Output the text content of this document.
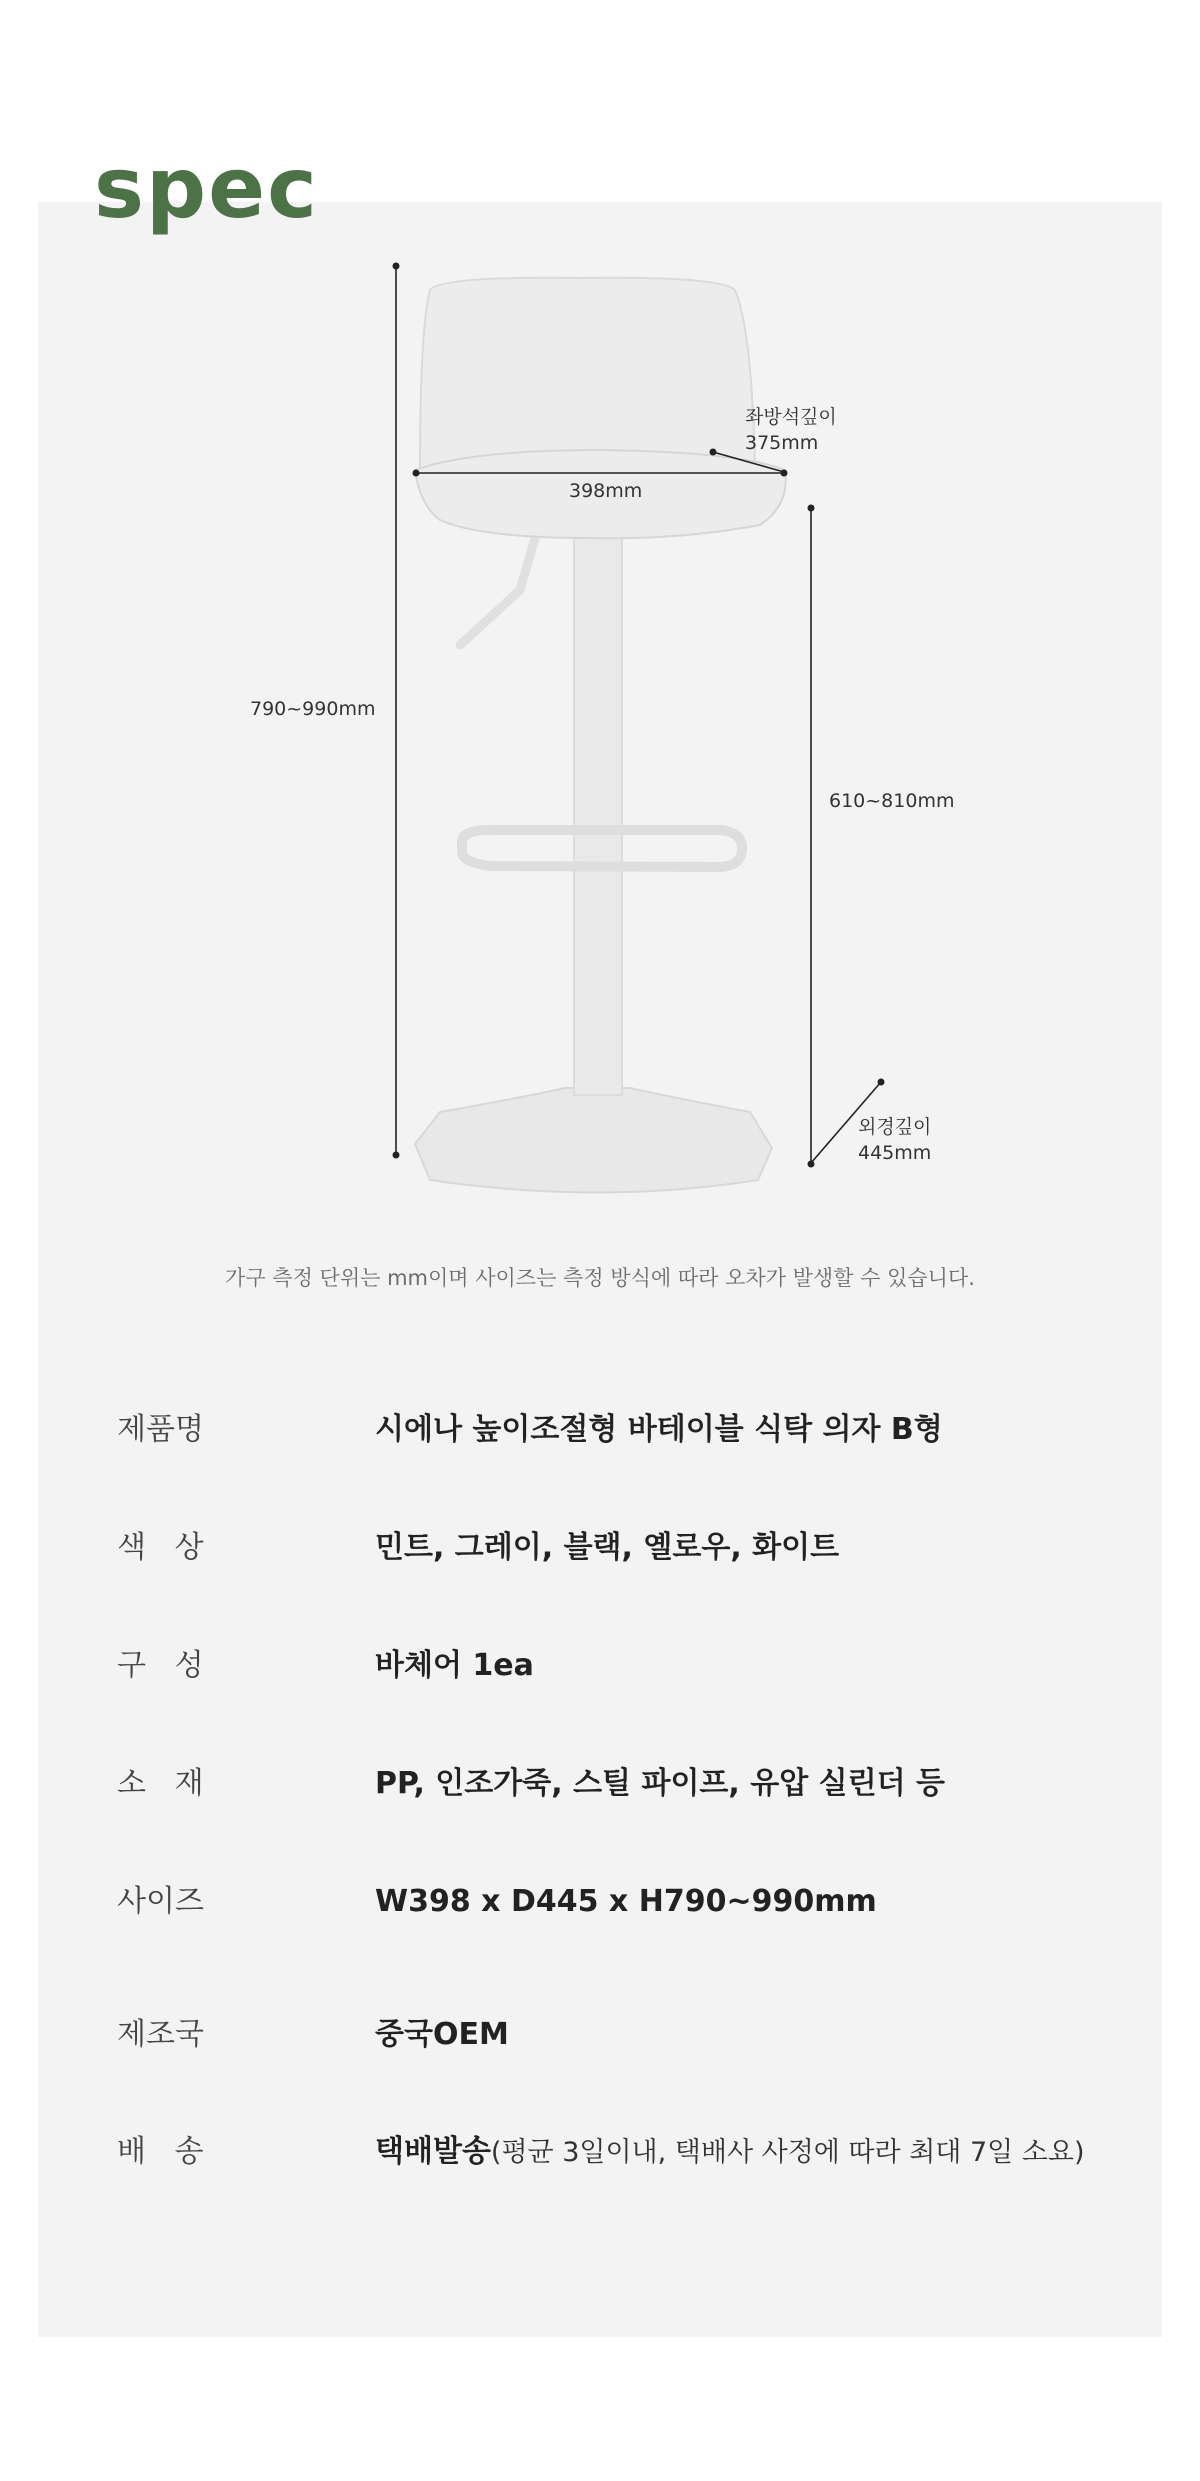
spec
좌방석깊이
375mm
398mm
790~990mm
610~810mm
외경깊이
445mm

가구 측정 단위는 mm이며 사이즈는 측정 방식에 따라 오차가 발생할 수 있습니다.

제품명	시에나 높이조절형 바테이블 식탁 의자 B형
색   상	민트, 그레이, 블랙, 옐로우, 화이트
구   성	바체어 1ea
소   재	PP, 인조가죽, 스틸 파이프, 유압 실린더 등
사이즈	W398 x D445 x H790~990mm
제조국	중국OEM
배   송	택배발송(평균 3일이내, 택배사 사정에 따라 최대 7일 소요)
